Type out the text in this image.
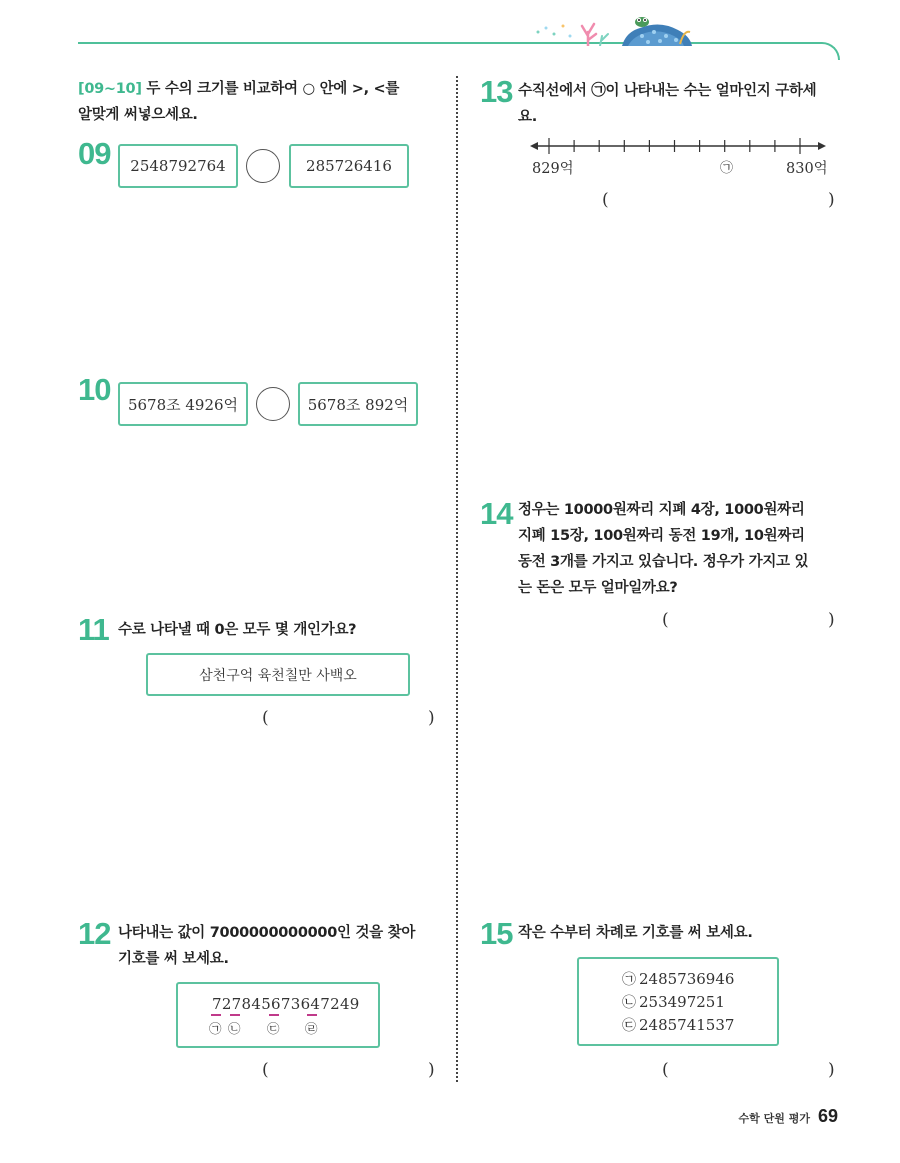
[09~10] 두 수의 크기를 비교하여 ○ 안에 >, <를
알맞게 써넣으세요.
09	2548792764	285726416
10	5678조 4926억	5678조 892억
11 수로 나타낼 때 0은 모두 몇 개인가요?
삼천구억 육천칠만 사백오
(	)
12 나타내는 값이 7000000000000인 것을 찾아
기호를 써 보세요.
727845673647249
㉠ ㉡ ㉢ ㉣
(	)
13 수직선에서 ㉠이 나타내는 수는 얼마인지 구하세
요.
829억	㉠	830억
(	)
14 정우는 10000원짜리 지폐 4장, 1000원짜리
지폐 15장, 100원짜리 동전 19개, 10원짜리
동전 3개를 가지고 있습니다. 정우가 가지고 있
는 돈은 모두 얼마일까요?
(	)
15 작은 수부터 차례로 기호를 써 보세요.
㉠ 2485736946
㉡ 253497251
㉢ 2485741537
(	)
수학 단원 평가 69
